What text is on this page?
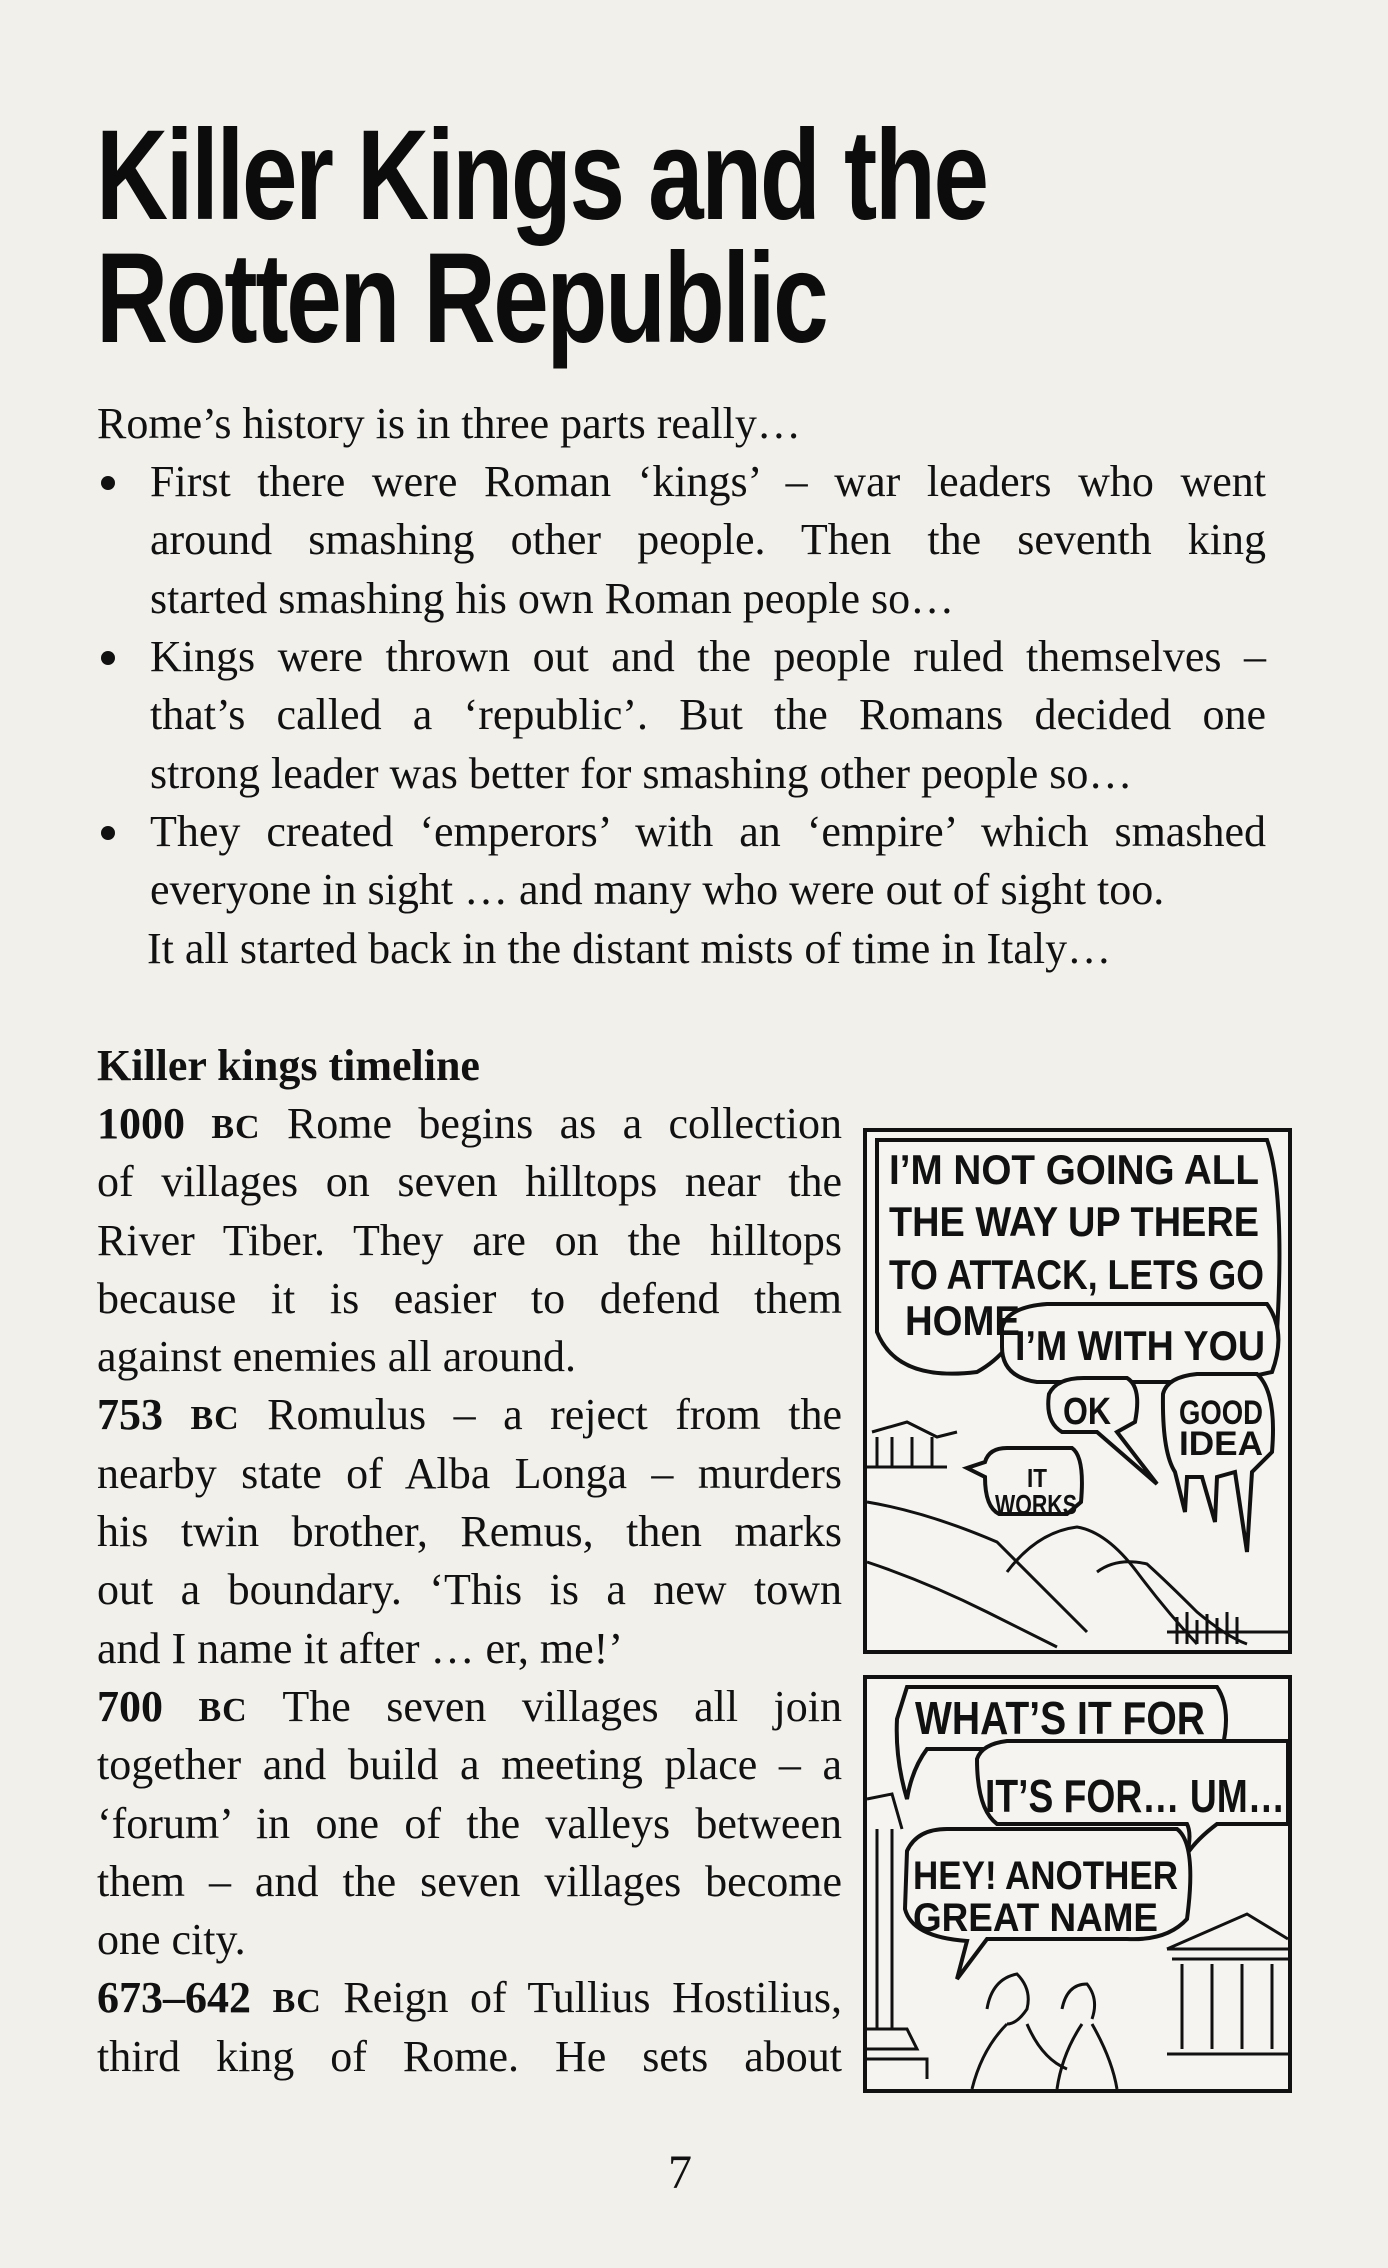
Killer Kings and the
Rotten Republic
Rome’s history is in three parts really…
First there were Roman ‘kings’ – war leaders who went
around smashing other people. Then the seventh king
started smashing his own Roman people so…
Kings were thrown out and the people ruled themselves –
that’s called a ‘republic’. But the Romans decided one
strong leader was better for smashing other people so…
They created ‘emperors’ with an ‘empire’ which smashed
everyone in sight … and many who were out of sight too.
It all started back in the distant mists of time in Italy…
Killer kings timeline
1000 BC Rome begins as a collection
of villages on seven hilltops near the
River Tiber. They are on the hilltops
because it is easier to defend them
against enemies all around.
753 BC Romulus – a reject from the
nearby state of Alba Longa – murders
his twin brother, Remus, then marks
out a boundary. ‘This is a new town
and I name it after … er, me!’
700 BC The seven villages all join
together and build a meeting place – a
‘forum’ in one of the valleys between
them – and the seven villages become
one city.
673–642 BC Reign of Tullius Hostilius,
third king of Rome. He sets about
I’M NOT GOING ALL
THE WAY UP THERE
TO ATTACK, LETS GO
HOME
I’M WITH YOU
OK GOOD
IDEA
IT
WORKS
WHAT’S IT FOR
IT’S FOR… UM…
HEY! ANOTHER
GREAT NAME
7
